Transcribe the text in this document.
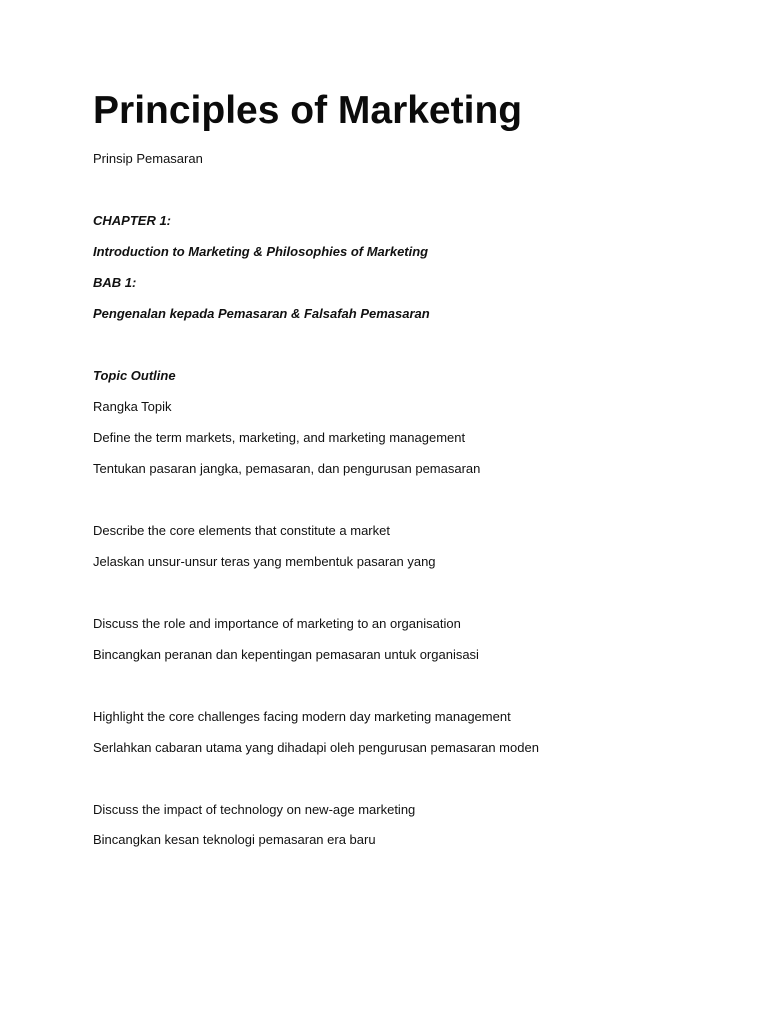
Principles of Marketing

Prinsip Pemasaran

CHAPTER 1:

Introduction to Marketing & Philosophies of Marketing

BAB 1:

Pengenalan kepada Pemasaran & Falsafah Pemasaran

Topic Outline

Rangka Topik

Define the term markets, marketing, and marketing management

Tentukan pasaran jangka, pemasaran, dan pengurusan pemasaran

Describe the core elements that constitute a market

Jelaskan unsur-unsur teras yang membentuk pasaran yang

Discuss the role and importance of marketing to an organisation

Bincangkan peranan dan kepentingan pemasaran untuk organisasi

Highlight the core challenges facing modern day marketing management

Serlahkan cabaran utama yang dihadapi oleh pengurusan pemasaran moden

Discuss the impact of technology on new-age marketing

Bincangkan kesan teknologi pemasaran era baru
